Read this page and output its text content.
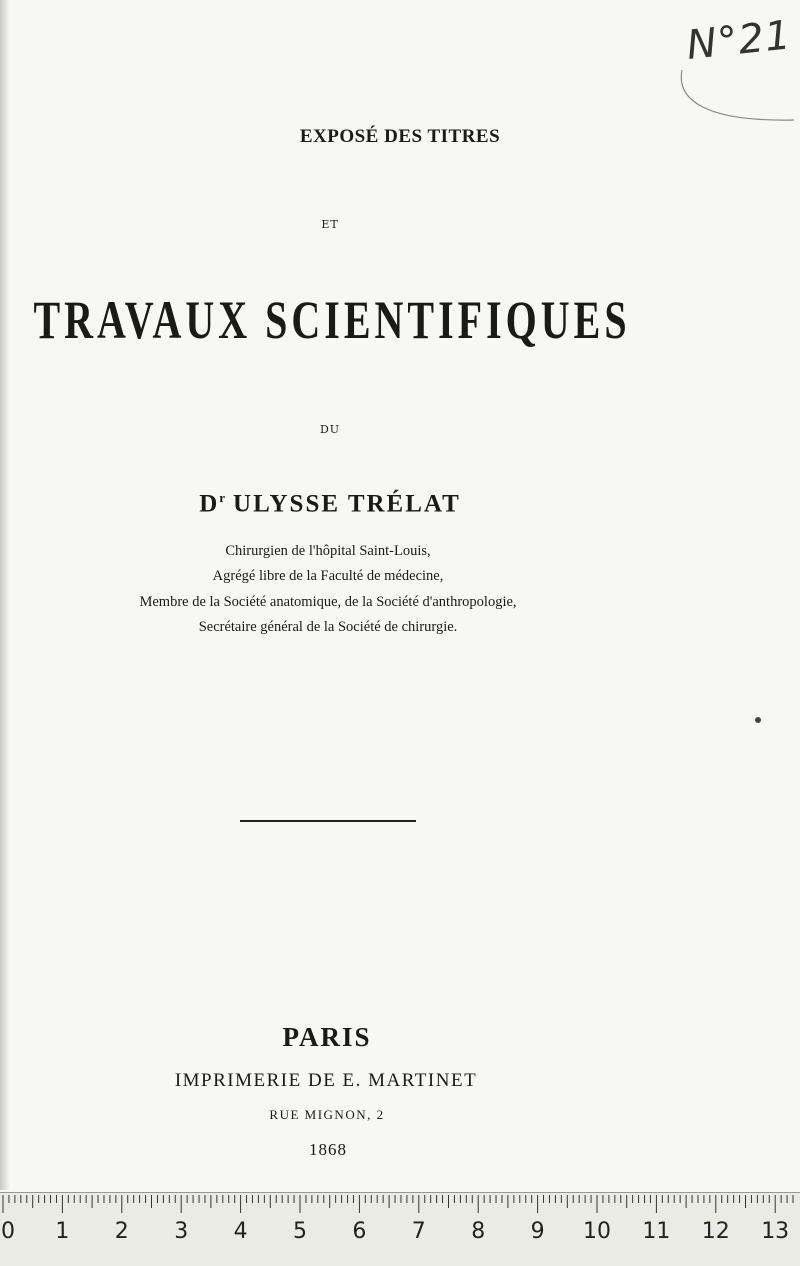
N°21
EXPOSÉ DES TITRES
ET
TRAVAUX SCIENTIFIQUES
DU
$D^r$ ULYSSE TRÉLAT
Chirurgien de l'hôpital Saint-Louis,
Agrégé libre de la Faculté de médecine,
Membre de la Société anatomique, de la Société d'anthropologie,
Secrétaire général de la Société de chirurgie.
PARIS
IMPRIMERIE DE E. MARTINET
RUE MIGNON, 2
1868
0 1 2 3 4 5 6 7 8 9 10 11 12 13
